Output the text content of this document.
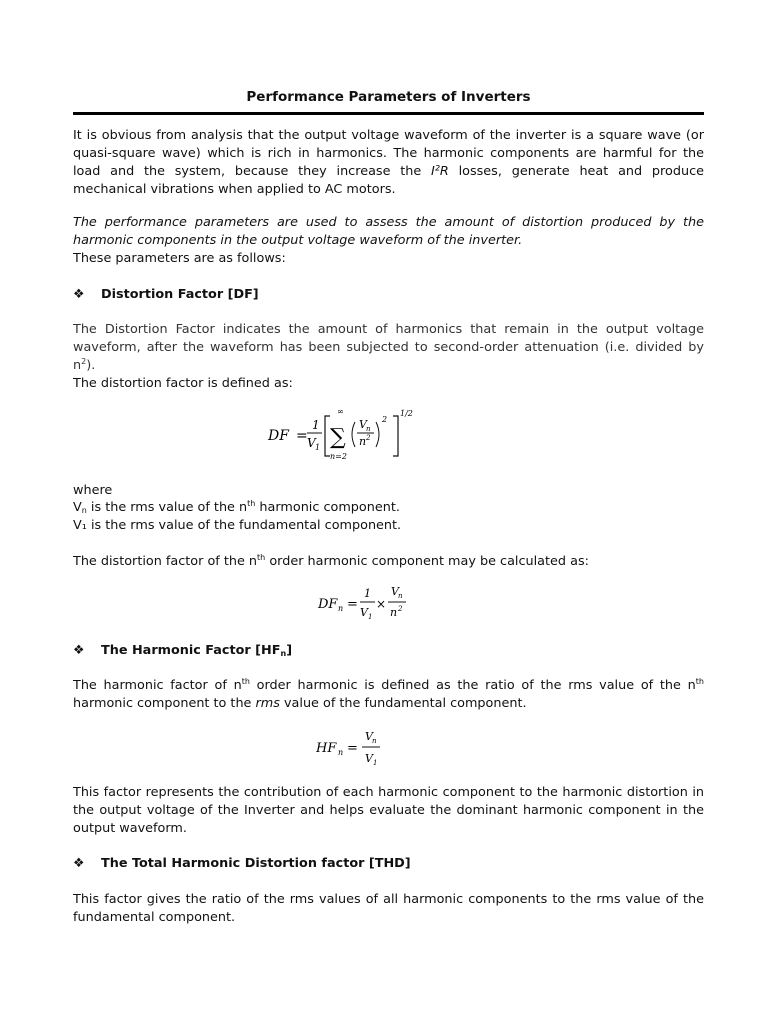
Performance Parameters of Inverters
It is obvious from analysis that the output voltage waveform of the inverter is a square wave (or quasi-square wave) which is rich in harmonics. The harmonic components are harmful for the load and the system, because they increase the I²R losses, generate heat and produce mechanical vibrations when applied to AC motors.
The performance parameters are used to assess the amount of distortion produced by the harmonic components in the output voltage waveform of the inverter.
These parameters are as follows:
❖ Distortion Factor [DF]
The Distortion Factor indicates the amount of harmonics that remain in the output voltage waveform, after the waveform has been subjected to second-order attenuation (i.e. divided by $n^2$).
The distortion factor is defined as:
where
$V_n$ is the rms value of the $n^{th}$ harmonic component.
V₁ is the rms value of the fundamental component.
The distortion factor of the $n^{th}$ order harmonic component may be calculated as:
❖ The Harmonic Factor $[HF_n]$
The harmonic factor of $n^{th}$ order harmonic is defined as the ratio of the rms value of the $n^{th}$ harmonic component to the rms value of the fundamental component.
This factor represents the contribution of each harmonic component to the harmonic distortion in the output voltage of the Inverter and helps evaluate the dominant harmonic component in the output waveform.
❖ The Total Harmonic Distortion factor [THD]
This factor gives the ratio of the rms values of all harmonic components to the rms value of the fundamental component.
DF =
1
V 1
∞
∑
n=2
V n
n 2
2
1/2
DF n =
1
V 1
×
V n
n 2
HF n =
V n
V 1
